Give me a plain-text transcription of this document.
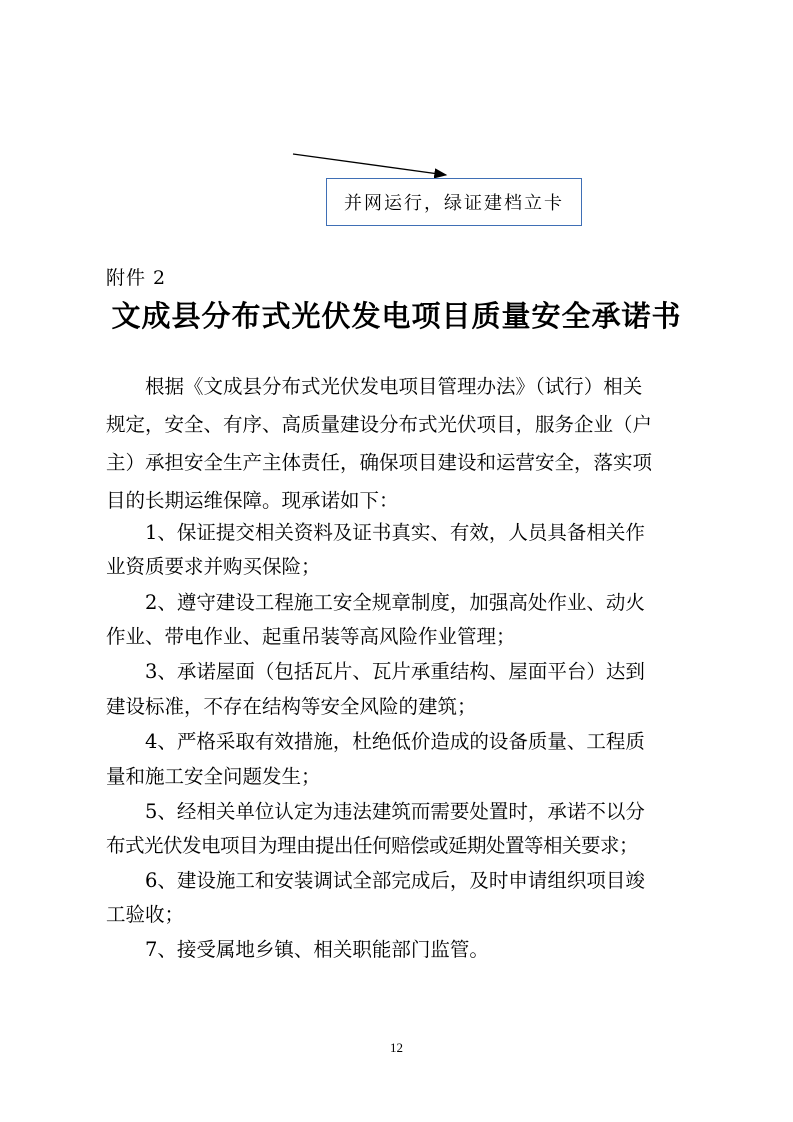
并网运行，绿证建档立卡
附件 2
文成县分布式光伏发电项目质量安全承诺书
根据《文成县分布式光伏发电项目管理办法》（试行）相关
规定，安全、有序、高质量建设分布式光伏项目，服务企业（户
主）承担安全生产主体责任，确保项目建设和运营安全，落实项
目的长期运维保障。现承诺如下：
1、保证提交相关资料及证书真实、有效，人员具备相关作
业资质要求并购买保险；
2、遵守建设工程施工安全规章制度，加强高处作业、动火
作业、带电作业、起重吊装等高风险作业管理；
3、承诺屋面（包括瓦片、瓦片承重结构、屋面平台）达到
建设标准，不存在结构等安全风险的建筑；
4、严格采取有效措施，杜绝低价造成的设备质量、工程质
量和施工安全问题发生；
5、经相关单位认定为违法建筑而需要处置时，承诺不以分
布式光伏发电项目为理由提出任何赔偿或延期处置等相关要求；
6、建设施工和安装调试全部完成后，及时申请组织项目竣
工验收；
7、接受属地乡镇、相关职能部门监管。
12
